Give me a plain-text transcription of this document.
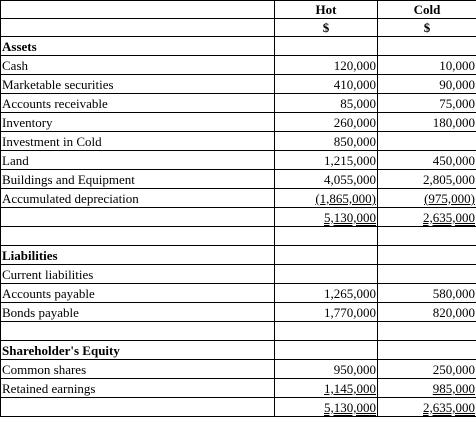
	Hot	Cold
	$	$
Assets		
Cash	120,000	10,000
Marketable securities	410,000	90,000
Accounts receivable	85,000	75,000
Inventory	260,000	180,000
Investment in Cold	850,000	
Land	1,215,000	450,000
Buildings and Equipment	4,055,000	2,805,000
Accumulated depreciation	(1,865,000)	(975,000)
	5,130,000	2,635,000

Liabilities		
Current liabilities		
Accounts payable	1,265,000	580,000
Bonds payable	1,770,000	820,000

Shareholder's Equity		
Common shares	950,000	250,000
Retained earnings	1,145,000	985,000
	5,130,000	2,635,000
